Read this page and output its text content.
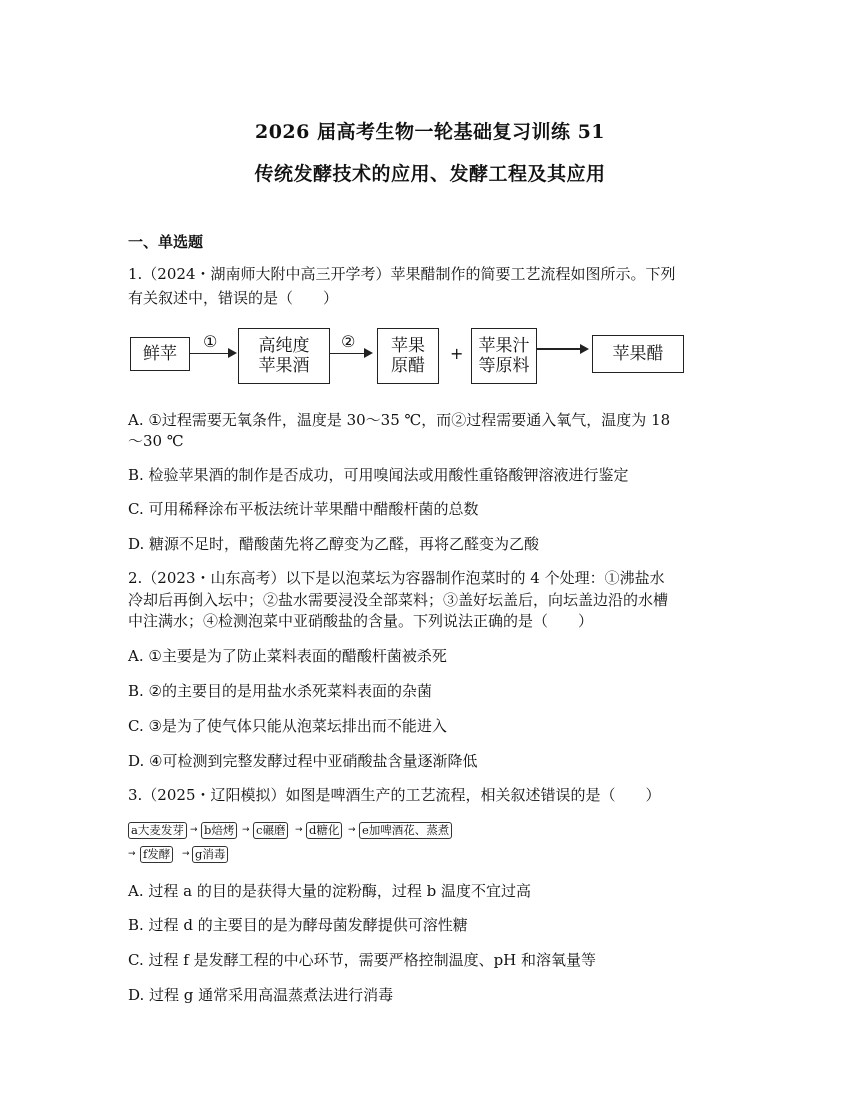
2026 届高考生物一轮基础复习训练 51
传统发酵技术的应用、发酵工程及其应用
一、单选题
1.（2024・湖南师大附中高三开学考）苹果醋制作的简要工艺流程如图所示。下列
有关叙述中，错误的是（　　）
鲜苹
① 高纯度
苹果酒
② 苹果
原醋
+ 苹果汁
等原料
苹果醋
A. ①过程需要无氧条件，温度是 30～35 ℃，而②过程需要通入氧气，温度为 18
～30 ℃
B. 检验苹果酒的制作是否成功，可用嗅闻法或用酸性重铬酸钾溶液进行鉴定
C. 可用稀释涂布平板法统计苹果醋中醋酸杆菌的总数
D. 糖源不足时，醋酸菌先将乙醇变为乙醛，再将乙醛变为乙酸
2.（2023・山东高考）以下是以泡菜坛为容器制作泡菜时的 4 个处理：①沸盐水
冷却后再倒入坛中；②盐水需要浸没全部菜料；③盖好坛盖后，向坛盖边沿的水槽
中注满水；④检测泡菜中亚硝酸盐的含量。下列说法正确的是（　　）
A. ①主要是为了防止菜料表面的醋酸杆菌被杀死
B. ②的主要目的是用盐水杀死菜料表面的杂菌
C. ③是为了使气体只能从泡菜坛排出而不能进入
D. ④可检测到完整发酵过程中亚硝酸盐含量逐渐降低
3.（2025・辽阳模拟）如图是啤酒生产的工艺流程，相关叙述错误的是（　　）
a大麦发芽 → b焙烤 → c碾磨	→ d糖化 → e加啤酒花、蒸煮
→ f发酵	→ g消毒
A. 过程 a 的目的是获得大量的淀粉酶，过程 b 温度不宜过高
B. 过程 d 的主要目的是为酵母菌发酵提供可溶性糖
C. 过程 f 是发酵工程的中心环节，需要严格控制温度、pH 和溶氧量等
D. 过程 g 通常采用高温蒸煮法进行消毒
